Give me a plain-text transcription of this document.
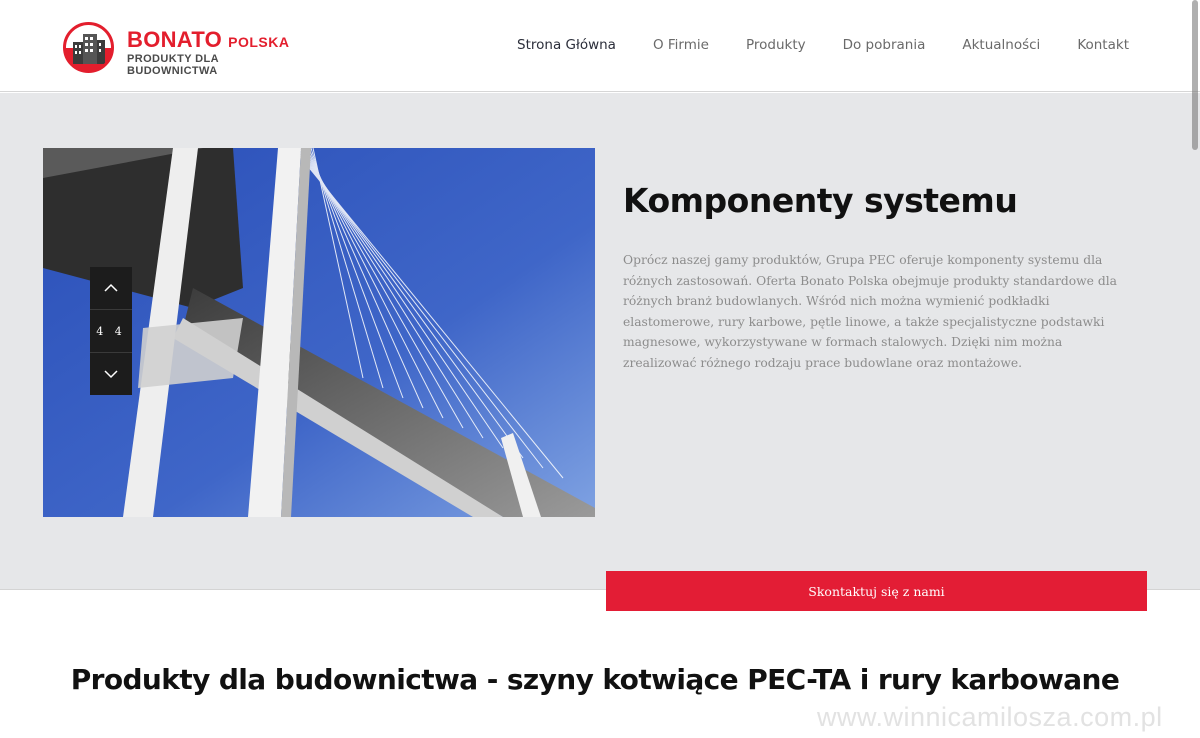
BONATO POLSKA
PRODUKTY DLA BUDOWNICTWA
Strona Główna	O Firmie	Produkty	Do pobrania	Aktualności	Kontakt
4 4
Komponenty systemu

Oprócz naszej gamy produktów, Grupa PEC oferuje komponenty systemu dla różnych zastosowań. Oferta Bonato Polska obejmuje produkty standardowe dla różnych branż budowlanych. Wśród nich można wymienić podkładki elastomerowe, rury karbowe, pętle linowe, a także specjalistyczne podstawki magnesowe, wykorzystywane w formach stalowych. Dzięki nim można zrealizować różnego rodzaju prace budowlane oraz montażowe.

Skontaktuj się z nami
Produkty dla budownictwa - szyny kotwiące PEC-TA i rury karbowane
www.winnicamilosza.com.pl
